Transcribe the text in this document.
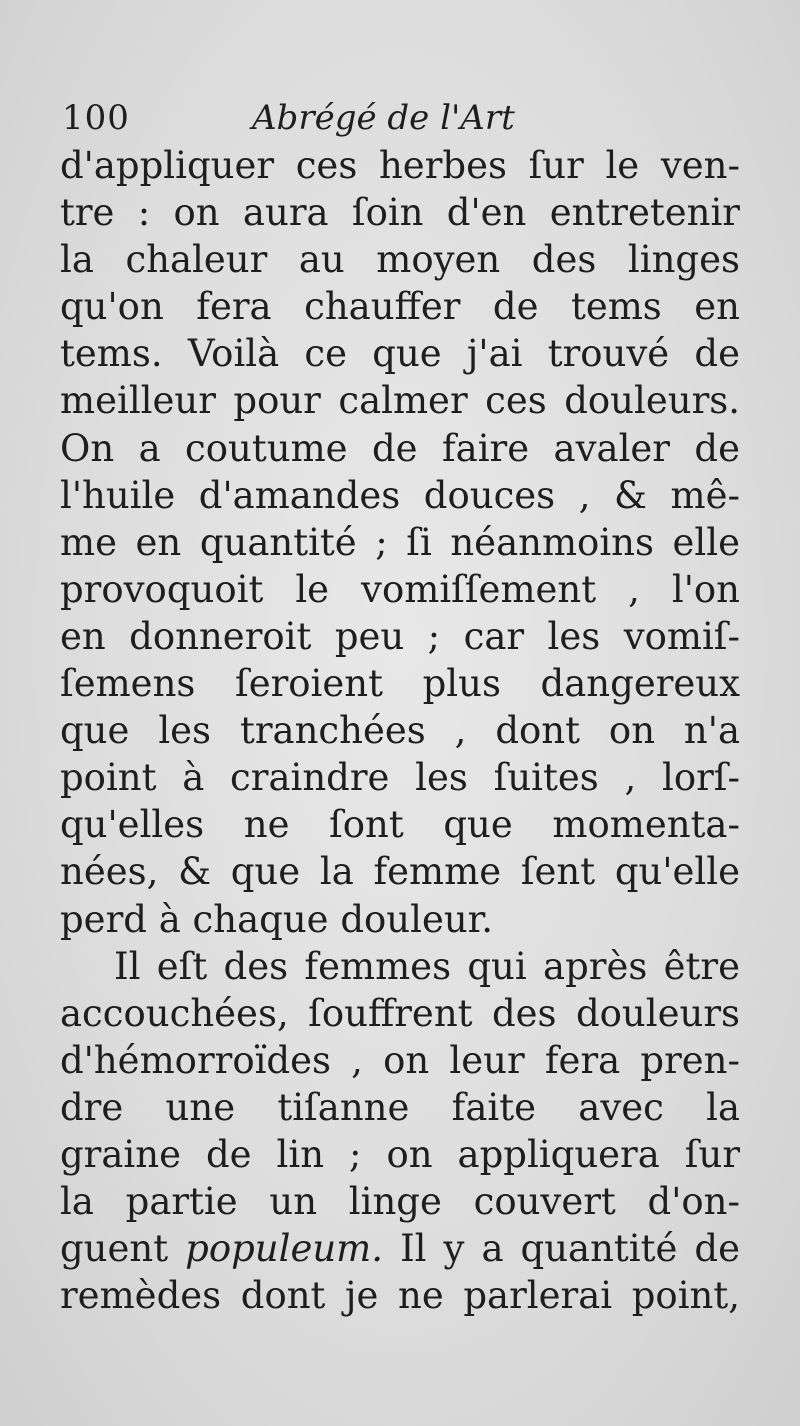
100	Abrégé de l'Art
d'appliquer ces herbes ſur le ven-
tre : on aura ſoin d'en entretenir
la chaleur au moyen des linges
qu'on fera chauffer de tems en
tems. Voilà ce que j'ai trouvé de
meilleur pour calmer ces douleurs.
On a coutume de faire avaler de
l'huile d'amandes douces , & mê-
me en quantité ; ſi néanmoins elle
provoquoit le vomiſſement , l'on
en donneroit peu ; car les vomiſ-
ſemens ſeroient plus dangereux
que les tranchées , dont on n'a
point à craindre les ſuites , lorſ-
qu'elles ne ſont que momenta-
nées, & que la femme ſent qu'elle
perd à chaque douleur.
Il eſt des femmes qui après être
accouchées, ſouffrent des douleurs
d'hémorroïdes , on leur fera pren-
dre une tiſanne faite avec la
graine de lin ; on appliquera ſur
la partie un linge couvert d'on-
guent populeum. Il y a quantité de
remèdes dont je ne parlerai point,
